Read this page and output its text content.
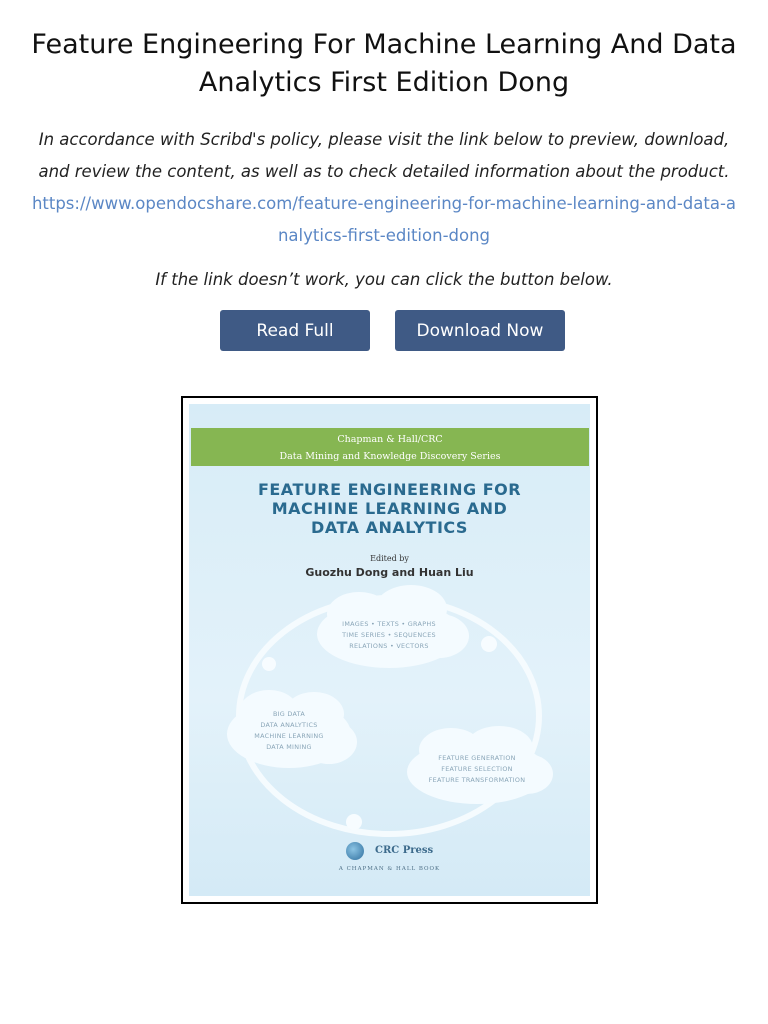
Feature Engineering For Machine Learning And Data Analytics First Edition Dong
In accordance with Scribd's policy, please visit the link below to preview, download, and review the content, as well as to check detailed information about the product.
https://www.opendocshare.com/feature-engineering-for-machine-learning-and-data-analytics-first-edition-dong
If the link doesn’t work, you can click the button below.
Read Full	Download Now
Chapman & Hall/CRC
Data Mining and Knowledge Discovery Series
FEATURE ENGINEERING FOR
MACHINE LEARNING AND
DATA ANALYTICS
Edited by
Guozhu Dong and Huan Liu
IMAGES • TEXTS • GRAPHS
TIME SERIES • SEQUENCES
RELATIONS • VECTORS
BIG DATA
DATA ANALYTICS
MACHINE LEARNING
DATA MINING
FEATURE GENERATION
FEATURE SELECTION
FEATURE TRANSFORMATION
CRC Press
A CHAPMAN & HALL BOOK
